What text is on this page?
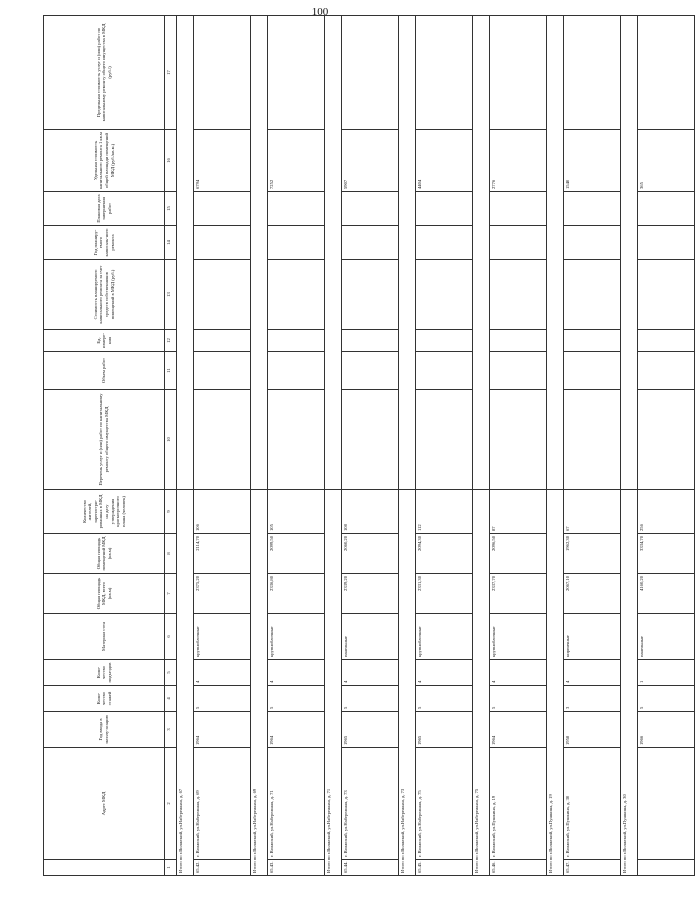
100
	Адрес МКД	Год ввода в эксплу-атацию	Коли-чество этажей	Коли-чество подъездов	Материал стен	Общая площадь МКД, всего (кв.м)	Общая площадь помещений МКД (кв.м)	Количество жителей, зарегистри-рованных в МКД на дату утверждения краткосрочного плана (человек)	Перечень услуг и (или) работ по капитальному ремонту общего имущества МКД	Объем работ	Ед. измере-ния	Стоимость планируемого капитального ремонта за счет средств собственников помещений в МКД (руб.)	Год планиру-емого капиталь-ного ремонта	Плановая дата завершения работ	Удельная стоимость капитального ремонта 1 кв.м общей площади помещений МКД (руб./кв.м.)	Предельная стоимость услуг и (или) работ по капитальному ремонту общего имущества в МКД (руб./)
1	2	3	4	5	6	7	8	9	10	11	12	13	14	15	16	17
Итого по г.Волжский, ул.Набережная, д. 67																
65.42.	г. Волжский, ул.Набережная, д. 69	1964	5	4	крупноблочные	2375,20	2114,70	106							6794	
Итого по г.Волжский, ул.Набережная, д. 69																
65.43.	г. Волжский, ул.Набережная, д. 71	1964	5	4	крупноблочные	2336,80	2099,50	105							7252	
Итого по г.Волжский, ул.Набережная, д. 71																
65.44.	г. Волжский, ул.Набережная, д. 73	1965	5	4	панельные	2339,20	2060,20	108							5907	
Итого по г.Волжский, ул.Набережная, д. 73																
65.45.	г. Волжский, ул.Набережная, д. 75	1965	5	4	крупноблочные	2331,30	2094,30	112							4404	
Итого по г.Волжский, ул.Набережная, д. 75																
65.46.	г. Волжский, ул.Пушкина, д. 19	1964	5	4	крупноблочные	2337,70	2096,50	87							2776	
Итого по г.Волжский, ул.Пушкина, д. 19																
65.47.	г. Волжский, ул.Пушкина, д. 30	1958	3	4	кирпичные	2067,10	1962,30	67							1540	
Итого по г.Волжский, ул.Пушкина, д. 30																
		1966	5	1	панельные	4160,20	3334,70	256							365	
